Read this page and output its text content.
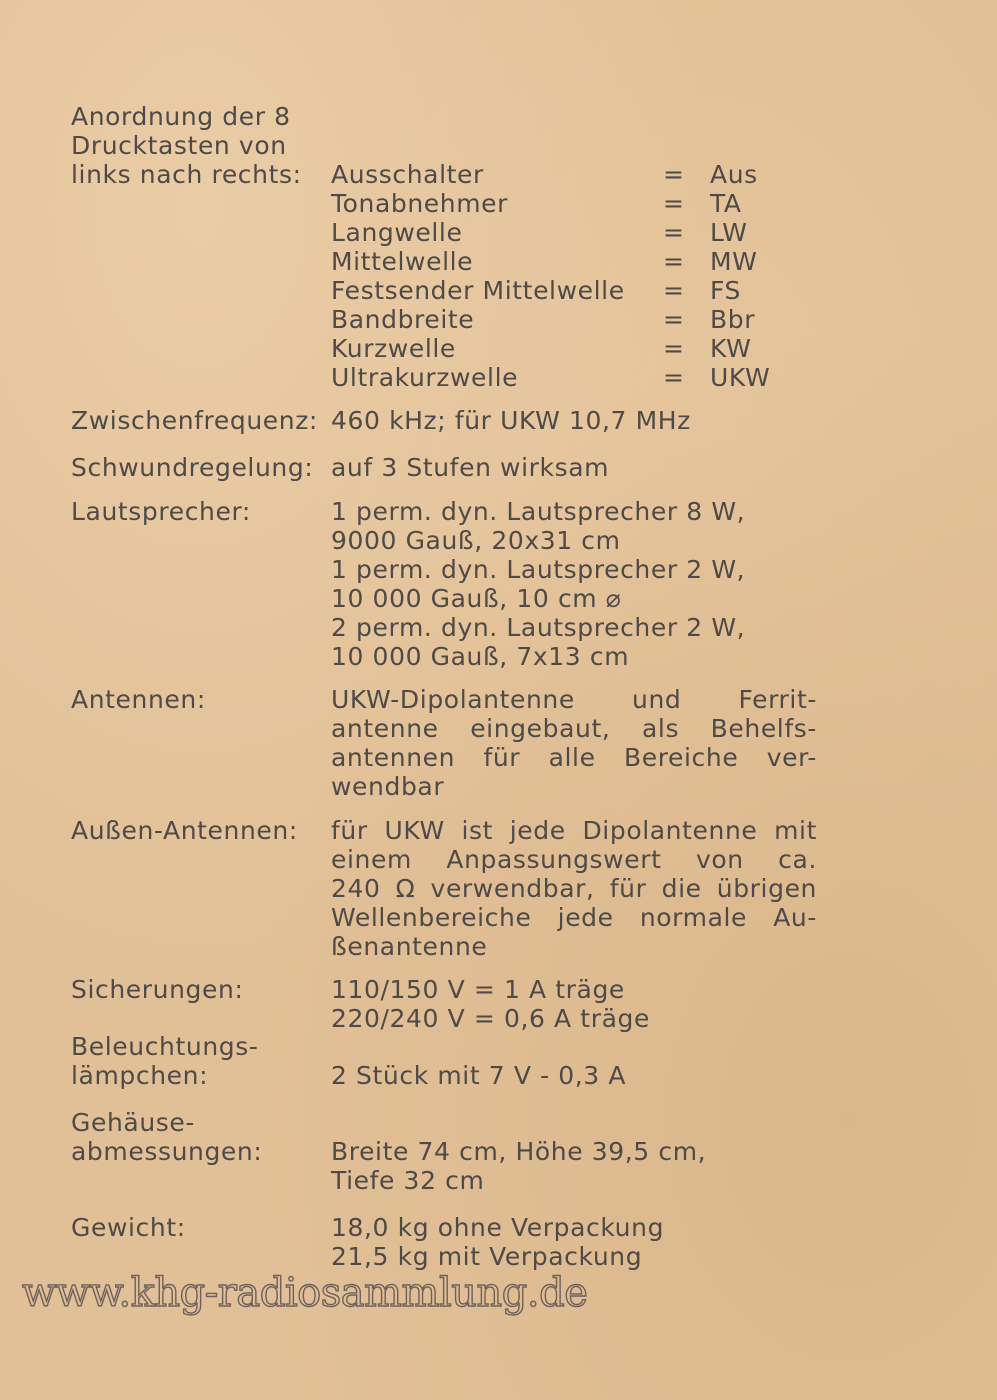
Anordnung der 8
Drucktasten von
links nach rechts: Ausschalter	= Aus
Tonabnehmer	= TA
Langwelle	= LW
Mittelwelle	= MW
Festsender Mittelwelle = FS
Bandbreite	= Bbr
Kurzwelle	= KW
Ultrakurzwelle	= UKW
Zwischenfrequenz: 460 kHz; für UKW 10,7 MHz
Schwundregelung: auf 3 Stufen wirksam
Lautsprecher:	1 perm. dyn. Lautsprecher 8 W,
9000 Gauß, 20x31 cm
1 perm. dyn. Lautsprecher 2 W,
10 000 Gauß, 10 cm ⌀
2 perm. dyn. Lautsprecher 2 W,
10 000 Gauß, 7x13 cm
Antennen:	UKW-Dipolantenne und Ferrit-
antenne eingebaut, als Behelfs-
antennen für alle Bereiche ver-
wendbar
Außen-Antennen: für UKW ist jede Dipolantenne mit
einem Anpassungswert von ca.
240 Ω verwendbar, für die übrigen
Wellenbereiche jede normale Au-
ßenantenne
Sicherungen:	110/150 V = 1 A träge
220/240 V = 0,6 A träge
Beleuchtungs-
lämpchen:	2 Stück mit 7 V - 0,3 A
Gehäuse-
abmessungen:	Breite 74 cm, Höhe 39,5 cm,
Tiefe 32 cm
Gewicht:	18,0 kg ohne Verpackung
21,5 kg mit Verpackung
www.khg-radiosammlung.de
